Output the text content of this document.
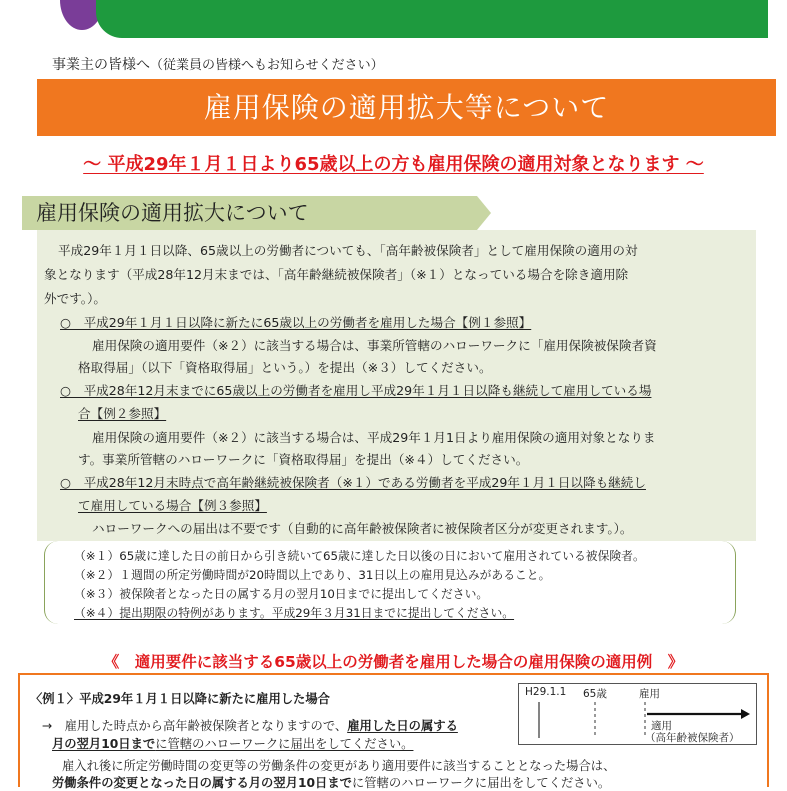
事業主の皆様へ（従業員の皆様へもお知らせください）
雇用保険の適用拡大等について
～ 平成29年１月１日より65歳以上の方も雇用保険の適用対象となります ～
雇用保険の適用拡大について
平成29年１月１日以降、65歳以上の労働者についても、「高年齢被保険者」として雇用保険の適用の対
象となります（平成28年12月末までは、「高年齢継続被保険者」（※１）となっている場合を除き適用除
外です。）。
○　平成29年１月１日以降に新たに65歳以上の労働者を雇用した場合【例１参照】
雇用保険の適用要件（※２）に該当する場合は、事業所管轄のハローワークに「雇用保険被保険者資
格取得届」（以下「資格取得届」という。）を提出（※３）してください。
○　平成28年12月末までに65歳以上の労働者を雇用し平成29年１月１日以降も継続して雇用している場
合【例２参照】
雇用保険の適用要件（※２）に該当する場合は、平成29年１月1日より雇用保険の適用対象となりま
す。事業所管轄のハローワークに「資格取得届」を提出（※４）してください。
○　平成28年12月末時点で高年齢継続被保険者（※１）である労働者を平成29年１月１日以降も継続し
て雇用している場合【例３参照】
ハローワークへの届出は不要です（自動的に高年齢被保険者に被保険者区分が変更されます。）。
（※１）65歳に達した日の前日から引き続いて65歳に達した日以後の日において雇用されている被保険者。
（※２）１週間の所定労働時間が20時間以上であり、31日以上の雇用見込みがあること。
（※３）被保険者となった日の属する月の翌月10日までに提出してください。
（※４）提出期限の特例があります。平成29年３月31日までに提出してください。
《　適用要件に該当する65歳以上の労働者を雇用した場合の雇用保険の適用例　》
〈例１〉平成29年１月１日以降に新たに雇用した場合
→　雇用した時点から高年齢被保険者となりますので、雇用した日の属する
月の翌月10日までに管轄のハローワークに届出をしてください。
雇入れ後に所定労働時間の変更等の労働条件の変更があり適用要件に該当することとなった場合は、
労働条件の変更となった日の属する月の翌月10日までに管轄のハローワークに届出をしてください。
H29.1.1 65歳	雇用
適用
（高年齢被保険者）
